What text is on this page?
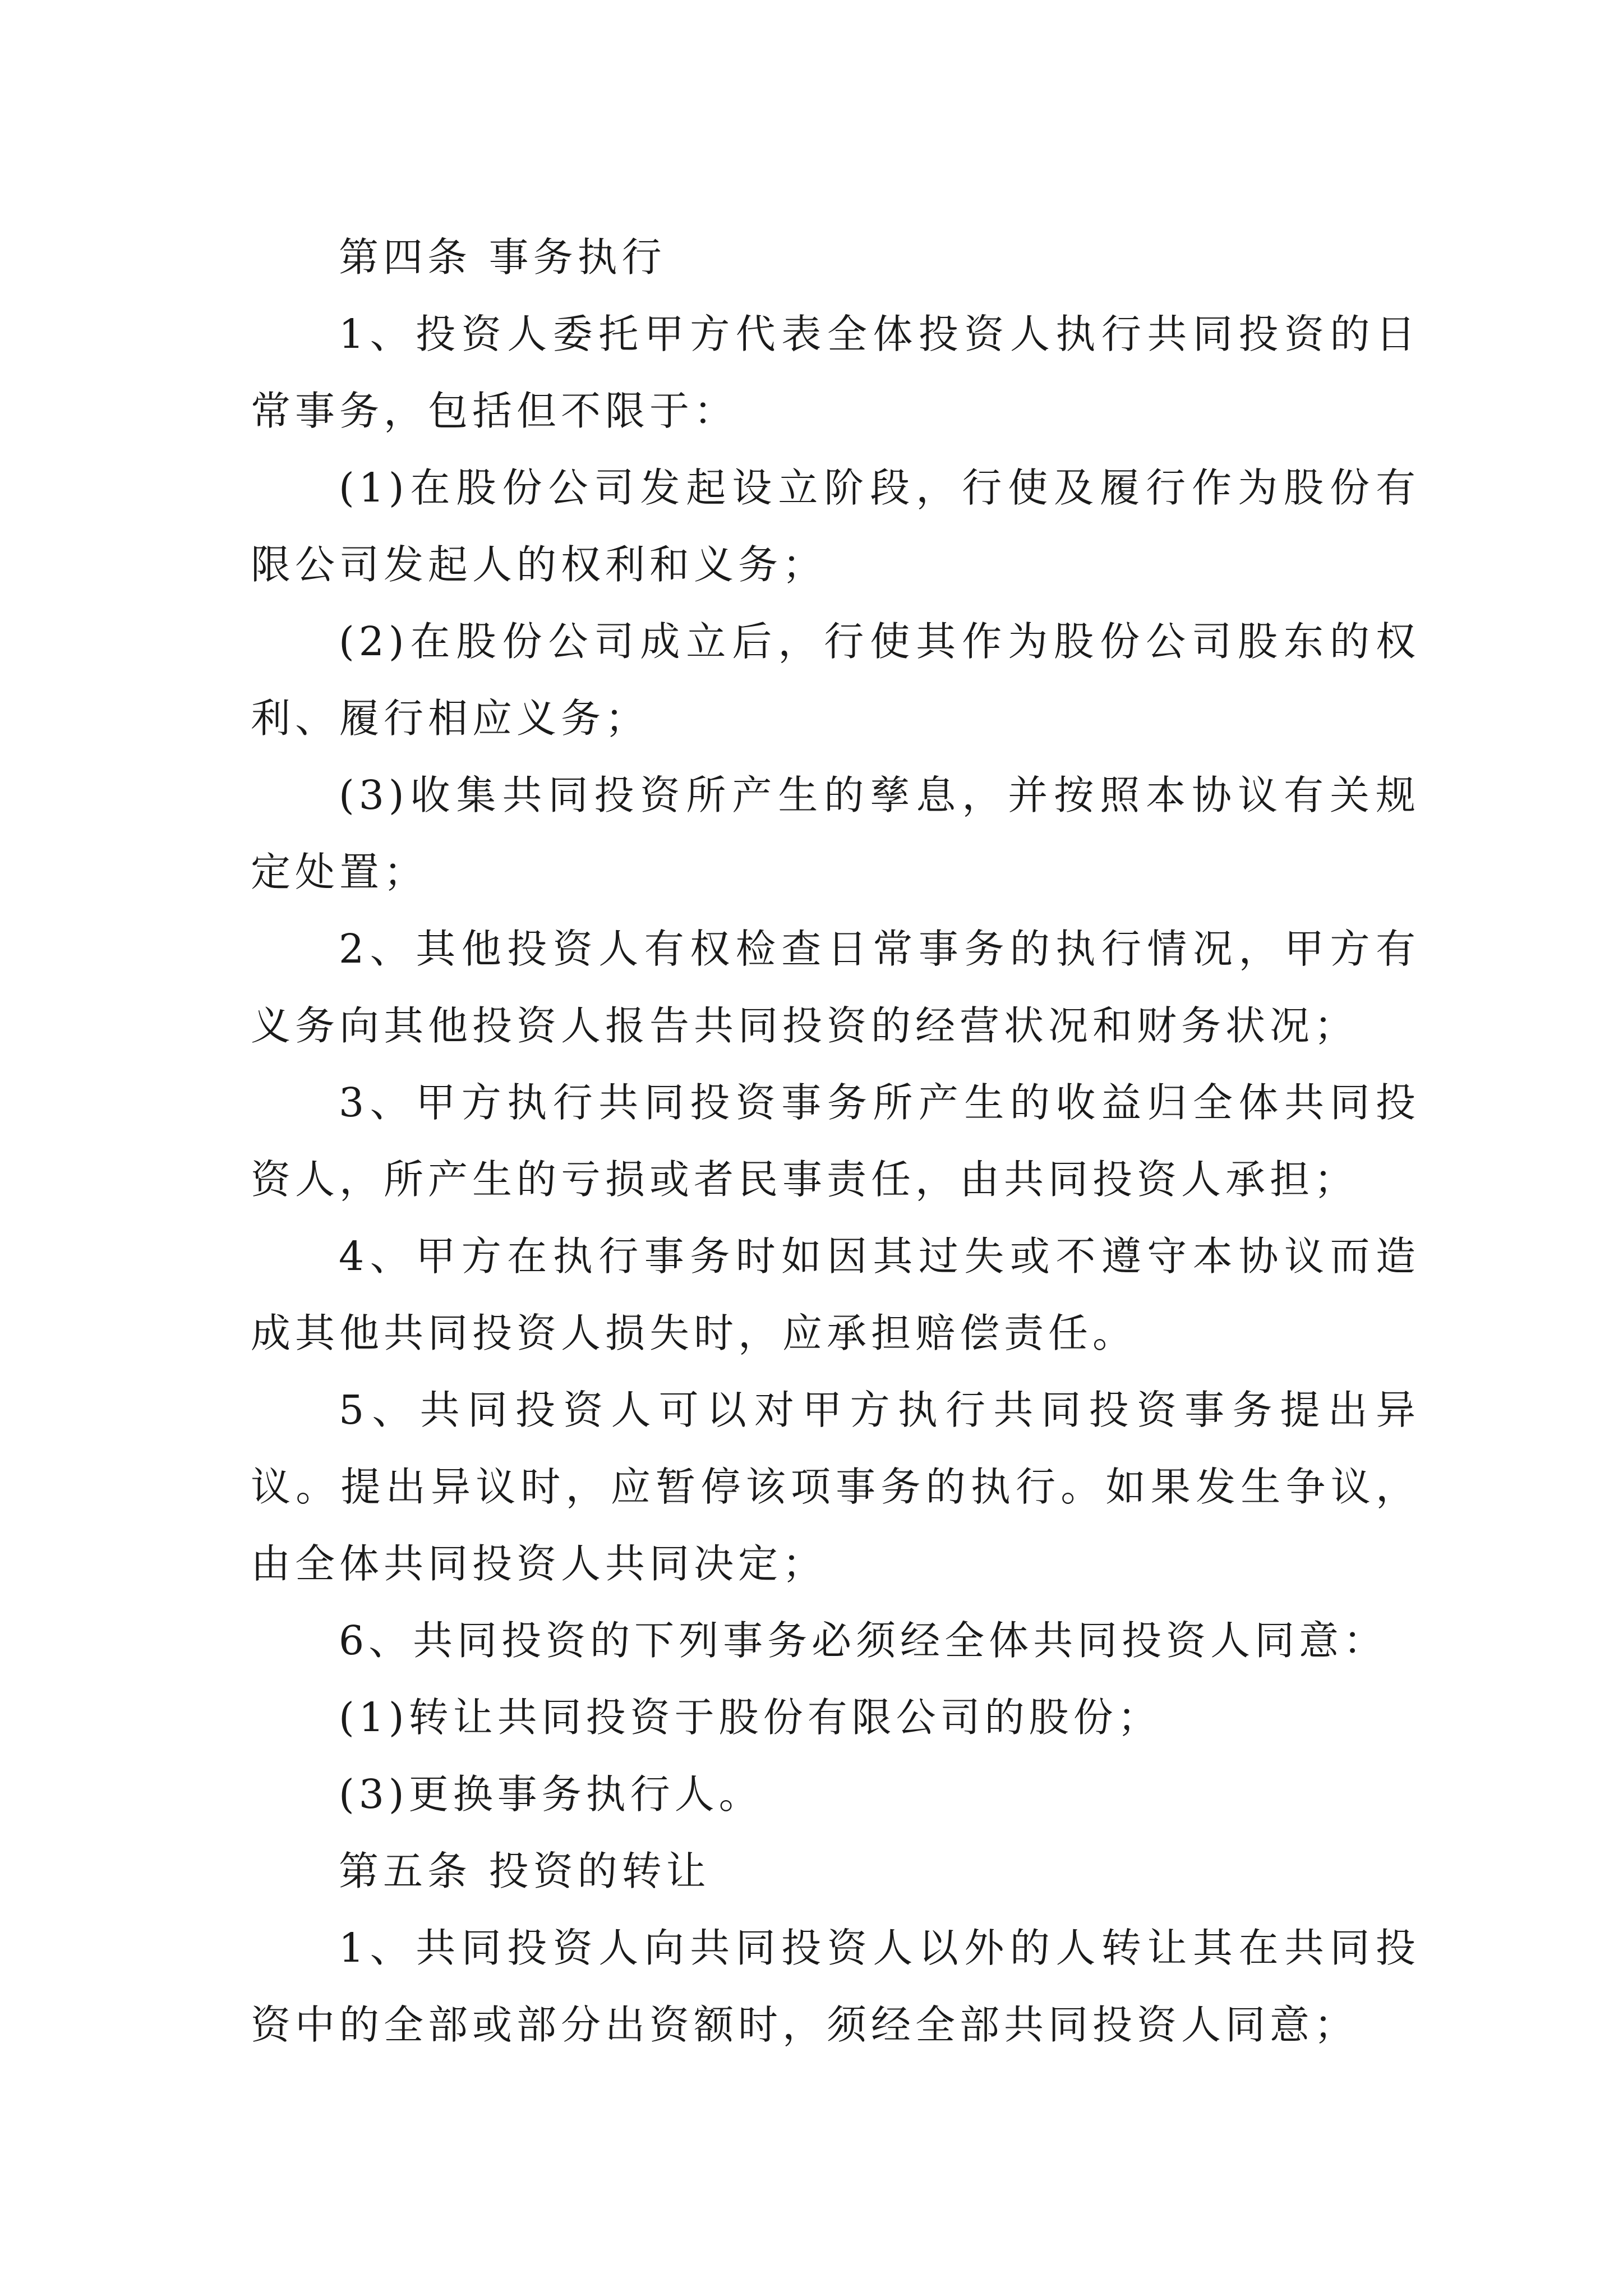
第四条 事务执行

1、投资人委托甲方代表全体投资人执行共同投资的日常事务，包括但不限于：

(1)在股份公司发起设立阶段，行使及履行作为股份有限公司发起人的权利和义务；

(2)在股份公司成立后，行使其作为股份公司股东的权利、履行相应义务；

(3)收集共同投资所产生的孳息，并按照本协议有关规定处置；

2、其他投资人有权检查日常事务的执行情况，甲方有义务向其他投资人报告共同投资的经营状况和财务状况；

3、甲方执行共同投资事务所产生的收益归全体共同投资人，所产生的亏损或者民事责任，由共同投资人承担；

4、甲方在执行事务时如因其过失或不遵守本协议而造成其他共同投资人损失时，应承担赔偿责任。

5、共同投资人可以对甲方执行共同投资事务提出异议。提出异议时，应暂停该项事务的执行。如果发生争议，由全体共同投资人共同决定；

6、共同投资的下列事务必须经全体共同投资人同意：

(1)转让共同投资于股份有限公司的股份；

(3)更换事务执行人。

第五条 投资的转让

1、共同投资人向共同投资人以外的人转让其在共同投资中的全部或部分出资额时，须经全部共同投资人同意；
